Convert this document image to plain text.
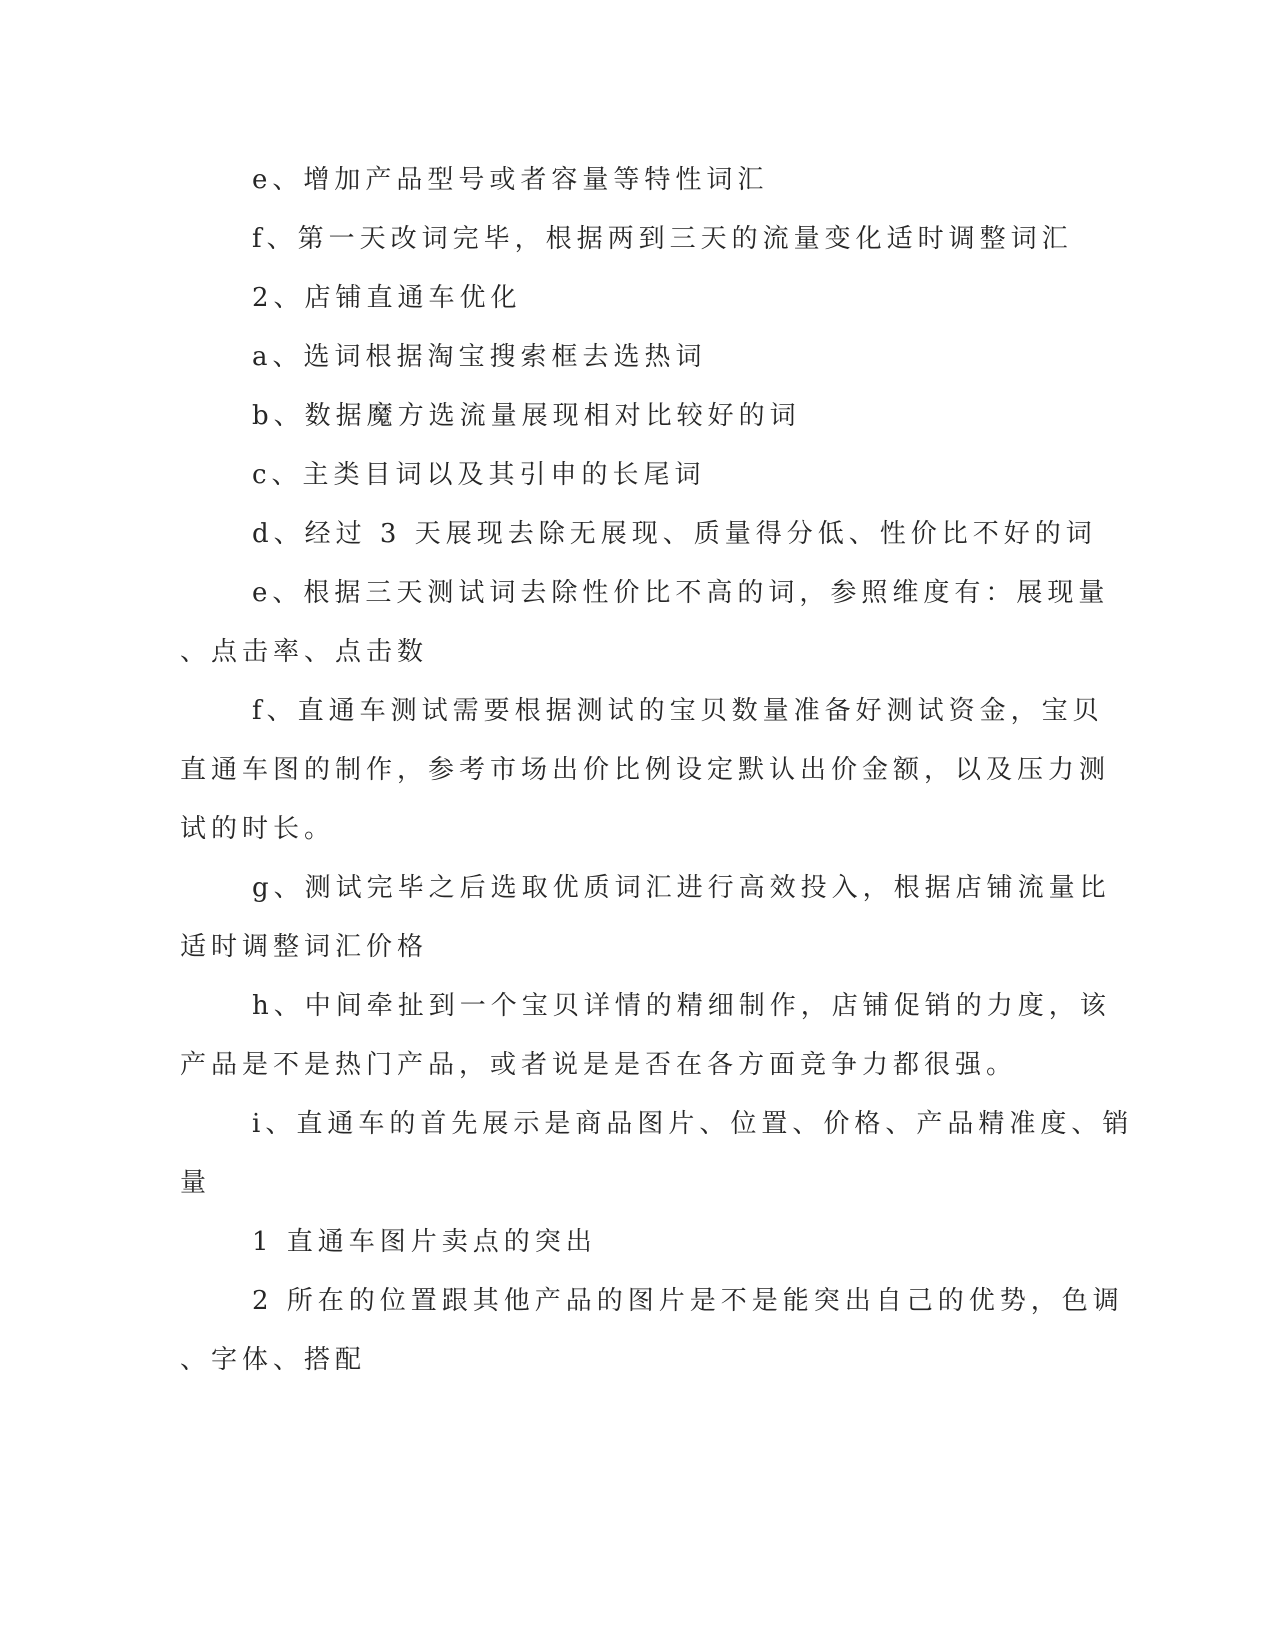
e、增加产品型号或者容量等特性词汇
f、第一天改词完毕，根据两到三天的流量变化适时调整词汇
2、店铺直通车优化
a、选词根据淘宝搜索框去选热词
b、数据魔方选流量展现相对比较好的词
c、主类目词以及其引申的长尾词
d、经过 3 天展现去除无展现、质量得分低、性价比不好的词
e、根据三天测试词去除性价比不高的词，参照维度有：展现量
、点击率、点击数
f、直通车测试需要根据测试的宝贝数量准备好测试资金，宝贝
直通车图的制作，参考市场出价比例设定默认出价金额，以及压力测
试的时长。
g、测试完毕之后选取优质词汇进行高效投入，根据店铺流量比
适时调整词汇价格
h、中间牵扯到一个宝贝详情的精细制作，店铺促销的力度，该
产品是不是热门产品，或者说是是否在各方面竞争力都很强。
i、直通车的首先展示是商品图片、位置、价格、产品精准度、销
量
1 直通车图片卖点的突出
2 所在的位置跟其他产品的图片是不是能突出自己的优势，色调
、字体、搭配
